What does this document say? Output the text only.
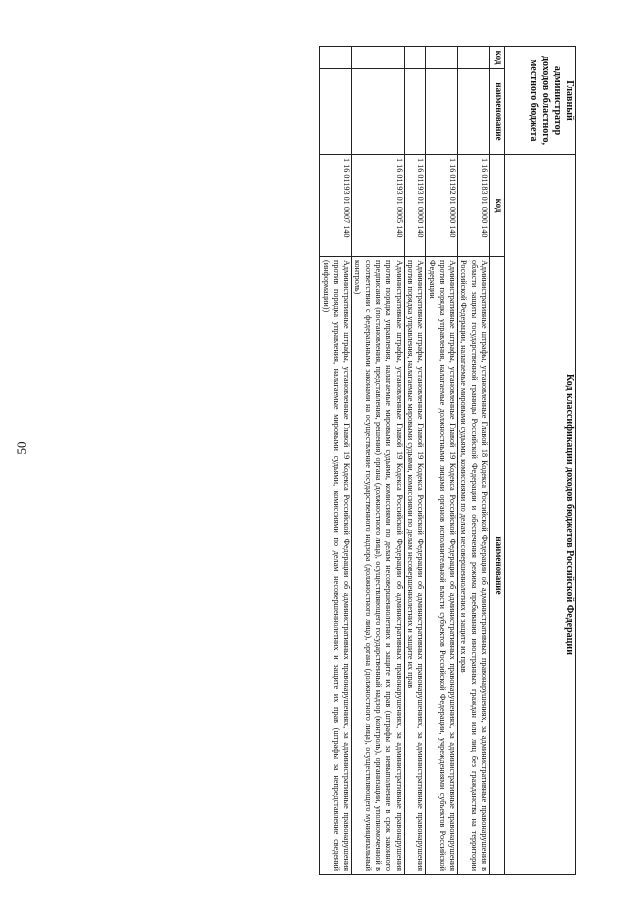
50
Главный администратор доходов областного, местного бюджета		Код классификации доходов бюджетов Российской Федерации	
код	наименование	код	наименование
		1 16 01183 01 0000 140	Административные штрафы, установленные Главой 18 Кодекса Российской Федерации об административных правонарушениях, за административные правонарушения в области защиты государственной границы Российской Федерации и обеспечения режима пребывания иностранных граждан или лиц без гражданства на территории Российской Федерации, налагаемые мировыми судьями, комиссиями по делам несовершеннолетних и защите их прав
		1 16 01192 01 0000 140	Административные штрафы, установленные Главой 19 Кодекса Российской Федерации об административных правонарушениях, за административные правонарушения против порядка управления, налагаемые должностными лицами органов исполнительной власти субъектов Российской Федерации, учреждениями субъектов Российской Федерации
		1 16 01193 01 0000 140	Административные штрафы, установленные Главой 19 Кодекса Российской Федерации об административных правонарушениях, за административные правонарушения против порядка управления, налагаемые мировыми судьями, комиссиями по делам несовершеннолетних и защите их прав
		1 16 01193 01 0005 140	Административные штрафы, установленные Главой 19 Кодекса Российской Федерации об административных правонарушениях, за административные правонарушения против порядка управления, налагаемые мировыми судьями, комиссиями по делам несовершеннолетних и защите их прав (штрафы за невыполнение в срок законного предписания (постановления, представления, решения) органа (должностного лица), осуществляющего государственный надзор (контроль), организации, уполномоченной в соответствии с федеральными законами на осуществление государственного надзора (должностного лица), органа (должностного лица), осуществляющего муниципальный контроль)
		1 16 01193 01 0007 140	Административные штрафы, установленные Главой 19 Кодекса Российской Федерации об административных правонарушениях, за административные правонарушения против порядка управления, налагаемые мировыми судьями, комиссиями по делам несовершеннолетних и защите их прав (штрафы за непредставление сведений (информации))
